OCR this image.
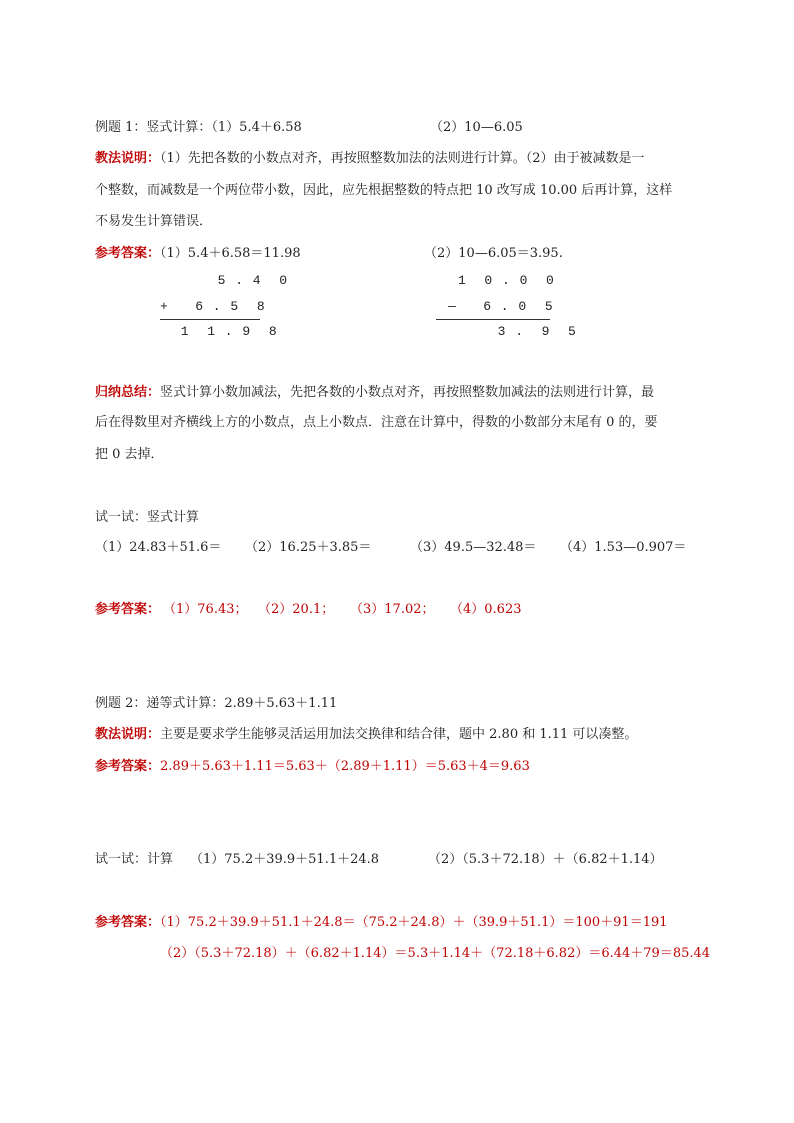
例题 1：竖式计算：（1）5.4＋6.58	（2）10—6.05
教法说明：（1）先把各数的小数点对齐，再按照整数加法的法则进行计算。（2）由于被减数是一
个整数，而减数是一个两位带小数，因此，应先根据整数的特点把 10 改写成 10.00 后再计算，这样
不易发生计算错误．
参考答案：（1）5.4＋6.58＝11.98	（2）10—6.05＝3.95.
5 . 4  0
+   6 . 5  8
1  1 . 9  8
1  0 . 0  0
—   6 . 0  5
3 .  9  5
归纳总结：竖式计算小数加减法，先把各数的小数点对齐，再按照整数加减法的法则进行计算，最
后在得数里对齐横线上方的小数点，点上小数点．注意在计算中，得数的小数部分末尾有 0 的，要
把 0 去掉．
试一试：竖式计算
（1）24.83＋51.6＝ （2）16.25＋3.85＝	（3）49.5—32.48＝ （4）1.53—0.907＝
参考答案： （1）76.43； （2）20.1； （3）17.02； （4）0.623
例题 2：递等式计算：2.89＋5.63＋1.11
教法说明：主要是要求学生能够灵活运用加法交换律和结合律，题中 2.80 和 1.11 可以凑整。
参考答案：2.89＋5.63＋1.11＝5.63＋（2.89＋1.11）＝5.63＋4＝9.63
试一试：计算 （1）75.2＋39.9＋51.1＋24.8	（2）（5.3＋72.18）＋（6.82＋1.14）
参考答案：（1）75.2＋39.9＋51.1＋24.8＝（75.2＋24.8）＋（39.9＋51.1）＝100＋91＝191
（2）（5.3＋72.18）＋（6.82＋1.14）＝5.3＋1.14＋（72.18＋6.82）＝6.44＋79＝85.44
